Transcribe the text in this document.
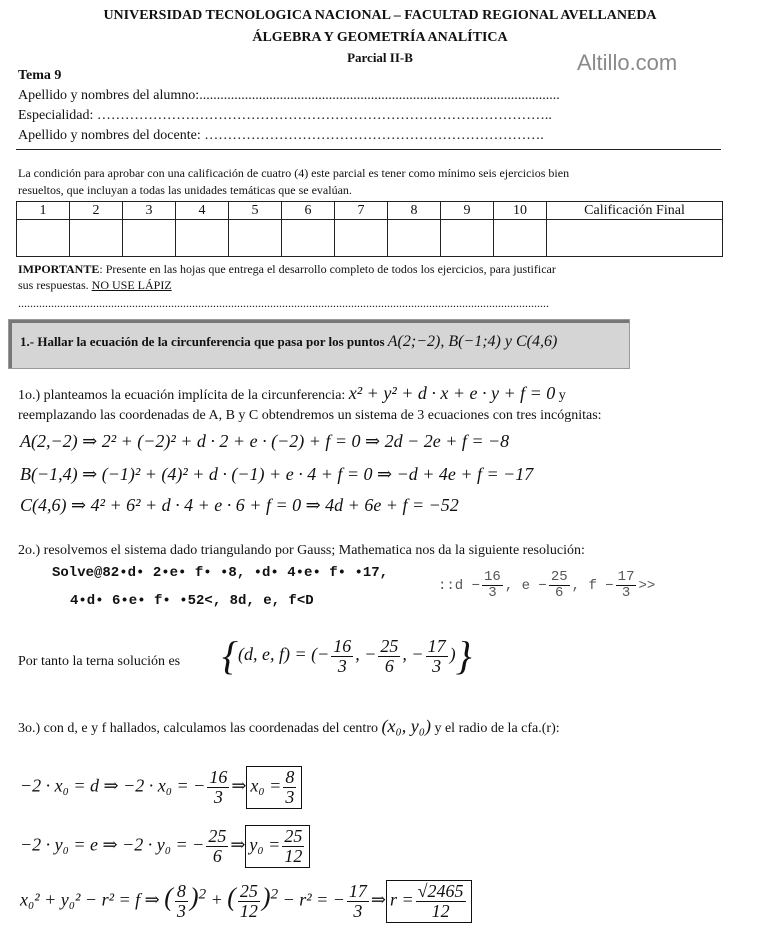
UNIVERSIDAD TECNOLOGICA NACIONAL – FACULTAD REGIONAL AVELLANEDA
ÁLGEBRA Y GEOMETRÍA ANALÍTICA
Parcial II-B	Altillo.com
Tema 9
Apellido y nombres del alumno:.......................................................................................................
Especialidad: ……………………………………………………………………………………..
Apellido y nombres del docente: ……………………………………………………………….
La condición para aprobar con una calificación de cuatro (4) este parcial es tener como mínimo seis ejercicios bien
resueltos, que incluyan a todas las unidades temáticas que se evalúan.
1	2	3	4	5	6	7	8	9	10	Calificación Final

IMPORTANTE: Presente en las hojas que entrega el desarrollo completo de todos los ejercicios, para justificar
sus respuestas. NO USE LÁPIZ
.................................................................................................................................................................................
1.- Hallar la ecuación de la circunferencia que pasa por los puntos A(2;−2), B(−1;4) y C(4,6)
1o.) planteamos la ecuación implícita de la circunferencia: x² + y² + d · x + e · y + f = 0 y
reemplazando las coordenadas de A, B y C obtendremos un sistema de 3 ecuaciones con tres incógnitas:
A(2,−2) ⇒ 2² + (−2)² + d · 2 + e · (−2) + f = 0 ⇒ 2d − 2e + f = −8
B(−1,4) ⇒ (−1)² + (4)² + d · (−1) + e · 4 + f = 0 ⇒ −d + 4e + f = −17
C(4,6) ⇒ 4² + 6² + d · 4 + e · 6 + f = 0 ⇒ 4d + 6e + f = −52
2o.) resolvemos el sistema dado triangulando por Gauss; Mathematica nos da la siguiente resolución:
Solve@82•d• 2•e• f• •8, •d• 4•e• f• •17,
4•d• 6•e• f• •52<, 8d, e, f<D
::d − $\frac{16}{3}$ , $e - \frac{25}{6}$ , $f - \frac{17}{3}$ >>
Por tanto la terna solución es {(d, e, f) = (− $\frac{16}{3}$ , − $\frac{25}{6}$ , − $\frac{17}{3}$ )}
3o.) con d, e y f hallados, calculamos las coordenadas del centro (x₀, y₀) y el radio de la cfa.(r):
−2 · x₀ = d ⇒ −2 · x₀ = − $\frac{16}{3}$ ⇒ $x_0 = \frac{8}{3}$
−2 · y₀ = e ⇒ −2 · y₀ = − $\frac{25}{6}$ ⇒ $y_0 = \frac{25}{12}$
x₀² + y₀² − r² = f ⇒ ( $\frac{8}{3} )^2$ + ( $\frac{25}{12} )^2 - r^2$ = − $\frac{17}{3}$ ⇒ $r = \frac{√2465}{12}$
